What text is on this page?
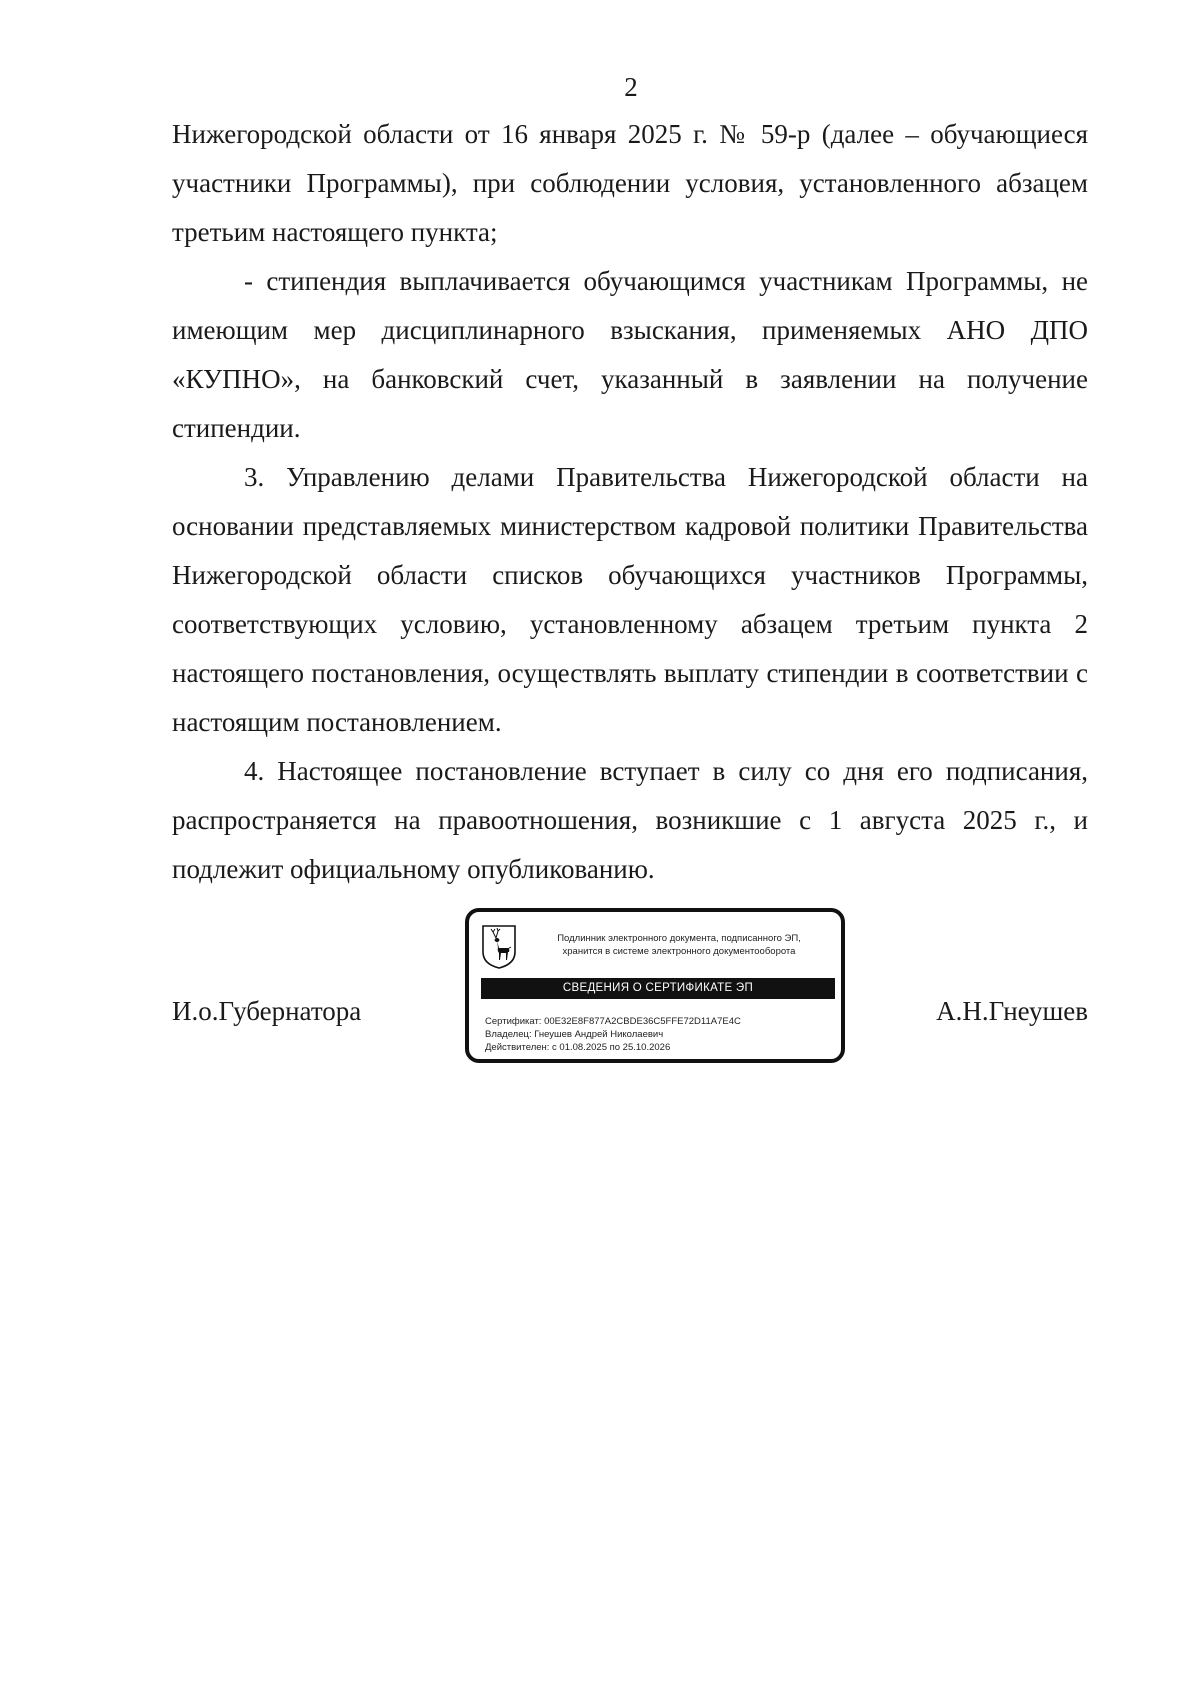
2

Нижегородской области от 16 января 2025 г. № 59-р (далее – обучающиеся участники Программы), при соблюдении условия, установленного абзацем третьим настоящего пункта;

- стипендия выплачивается обучающимся участникам Программы, не имеющим мер дисциплинарного взыскания, применяемых АНО ДПО «КУПНО», на банковский счет, указанный в заявлении на получение стипендии.

3. Управлению делами Правительства Нижегородской области на основании представляемых министерством кадровой политики Правительства Нижегородской области списков обучающихся участников Программы, соответствующих условию, установленному абзацем третьим пункта 2 настоящего постановления, осуществлять выплату стипендии в соответствии с настоящим постановлением.

4. Настоящее постановление вступает в силу со дня его подписания, распространяется на правоотношения, возникшие с 1 августа 2025 г., и подлежит официальному опубликованию.

И.о.Губернатора
Подлинник электронного документа, подписанного ЭП,
хранится в системе электронного документооборота
СВЕДЕНИЯ О СЕРТИФИКАТЕ ЭП
Сертификат: 00E32E8F877A2CBDE36C5FFE72D11A7E4C
Владелец: Гнеушев Андрей Николаевич
Действителен: с 01.08.2025 по 25.10.2026
А.Н.Гнеушев
